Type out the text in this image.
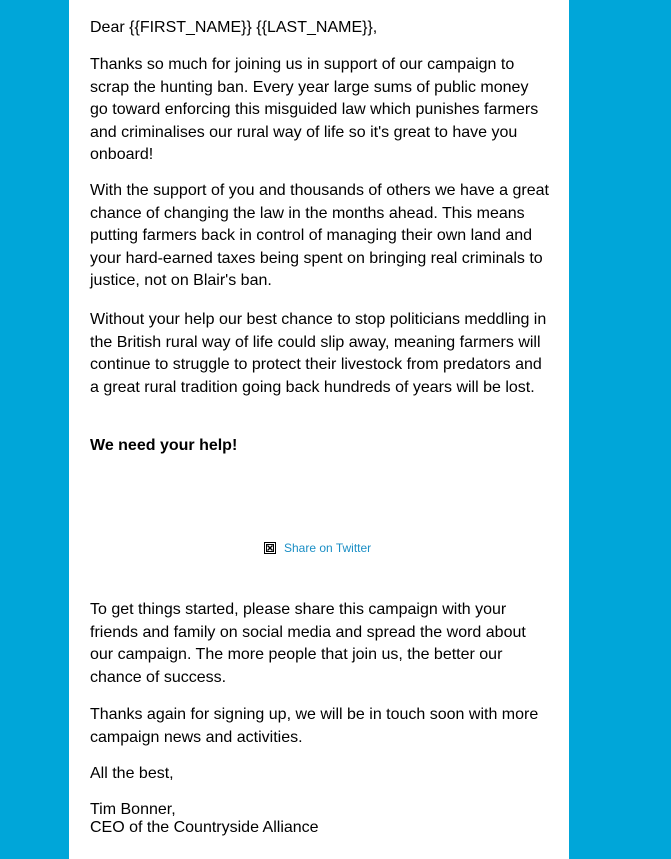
Dear {{FIRST_NAME}} {{LAST_NAME}},

Thanks so much for joining us in support of our campaign to scrap the hunting ban. Every year large sums of public money go toward enforcing this misguided law which punishes farmers and criminalises our rural way of life so it's great to have you onboard!

With the support of you and thousands of others we have a great chance of changing the law in the months ahead. This means putting farmers back in control of managing their own land and your hard-earned taxes being spent on bringing real criminals to justice, not on Blair's ban.

Without your help our best chance to stop politicians meddling in the British rural way of life could slip away, meaning farmers will continue to struggle to protect their livestock from predators and a great rural tradition going back hundreds of years will be lost.

We need your help!

Share on Twitter

To get things started, please share this campaign with your friends and family on social media and spread the word about our campaign. The more people that join us, the better our chance of success.

Thanks again for signing up, we will be in touch soon with more campaign news and activities.

All the best,

Tim Bonner,
CEO of the Countryside Alliance
